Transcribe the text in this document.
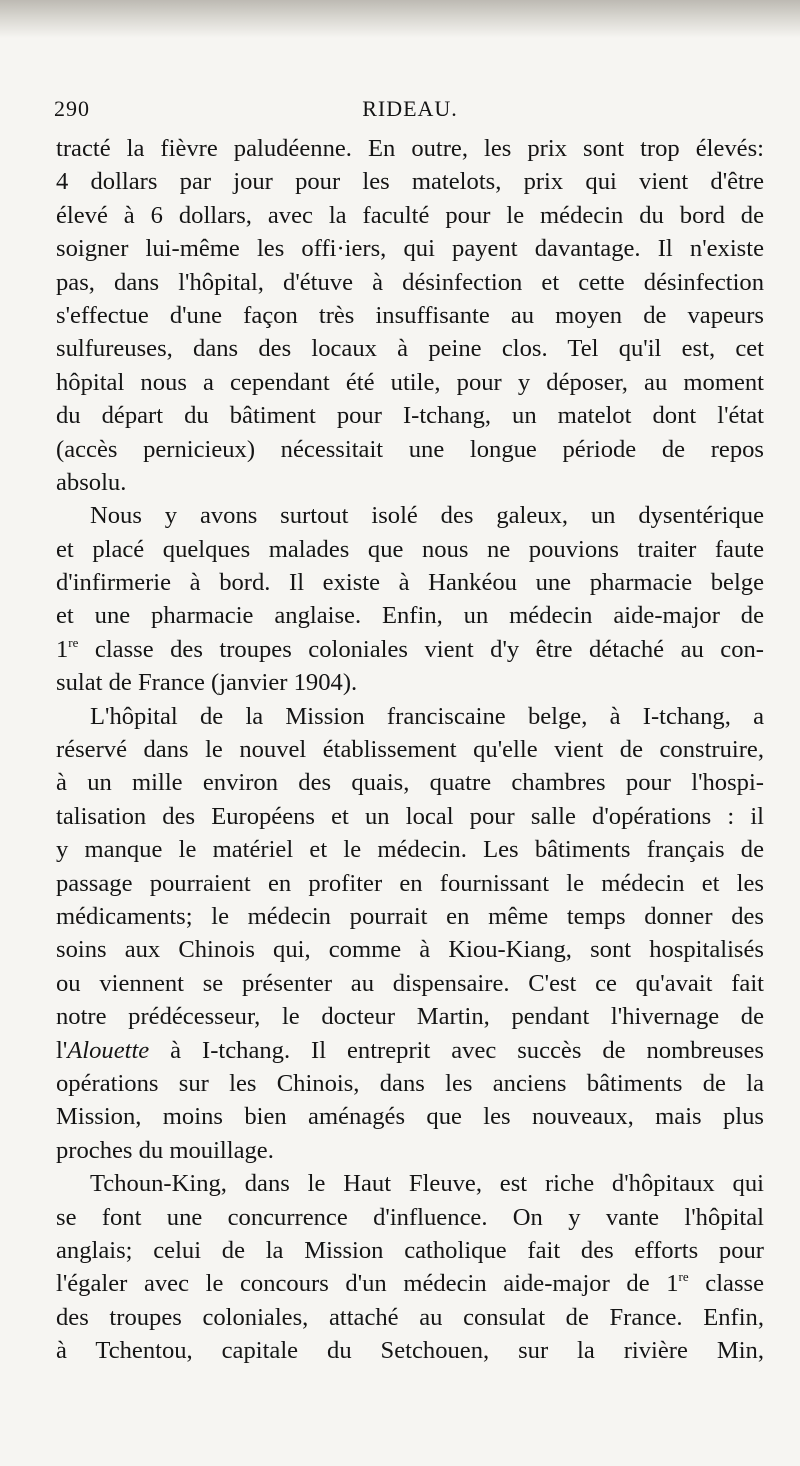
290	RIDEAU.
tracté la fièvre paludéenne. En outre, les prix sont trop élevés:
4 dollars par jour pour les matelots, prix qui vient d'être
élevé à 6 dollars, avec la faculté pour le médecin du bord de
soigner lui-même les offi·iers, qui payent davantage. Il n'existe
pas, dans l'hôpital, d'étuve à désinfection et cette désinfection
s'effectue d'une façon très insuffisante au moyen de vapeurs
sulfureuses, dans des locaux à peine clos. Tel qu'il est, cet
hôpital nous a cependant été utile, pour y déposer, au moment
du départ du bâtiment pour I-tchang, un matelot dont l'état
(accès pernicieux) nécessitait une longue période de repos
absolu.
Nous y avons surtout isolé des galeux, un dysentérique
et placé quelques malades que nous ne pouvions traiter faute
d'infirmerie à bord. Il existe à Hankéou une pharmacie belge
et une pharmacie anglaise. Enfin, un médecin aide-major de
1re classe des troupes coloniales vient d'y être détaché au con-
sulat de France (janvier 1904).
L'hôpital de la Mission franciscaine belge, à I-tchang, a
réservé dans le nouvel établissement qu'elle vient de construire,
à un mille environ des quais, quatre chambres pour l'hospi-
talisation des Européens et un local pour salle d'opérations : il
y manque le matériel et le médecin. Les bâtiments français de
passage pourraient en profiter en fournissant le médecin et les
médicaments; le médecin pourrait en même temps donner des
soins aux Chinois qui, comme à Kiou-Kiang, sont hospitalisés
ou viennent se présenter au dispensaire. C'est ce qu'avait fait
notre prédécesseur, le docteur Martin, pendant l'hivernage de
l'Alouette à I-tchang. Il entreprit avec succès de nombreuses
opérations sur les Chinois, dans les anciens bâtiments de la
Mission, moins bien aménagés que les nouveaux, mais plus
proches du mouillage.
Tchoun-King, dans le Haut Fleuve, est riche d'hôpitaux qui
se font une concurrence d'influence. On y vante l'hôpital
anglais; celui de la Mission catholique fait des efforts pour
l'égaler avec le concours d'un médecin aide-major de 1re classe
des troupes coloniales, attaché au consulat de France. Enfin,
à Tchentou, capitale du Setchouen, sur la rivière Min,
